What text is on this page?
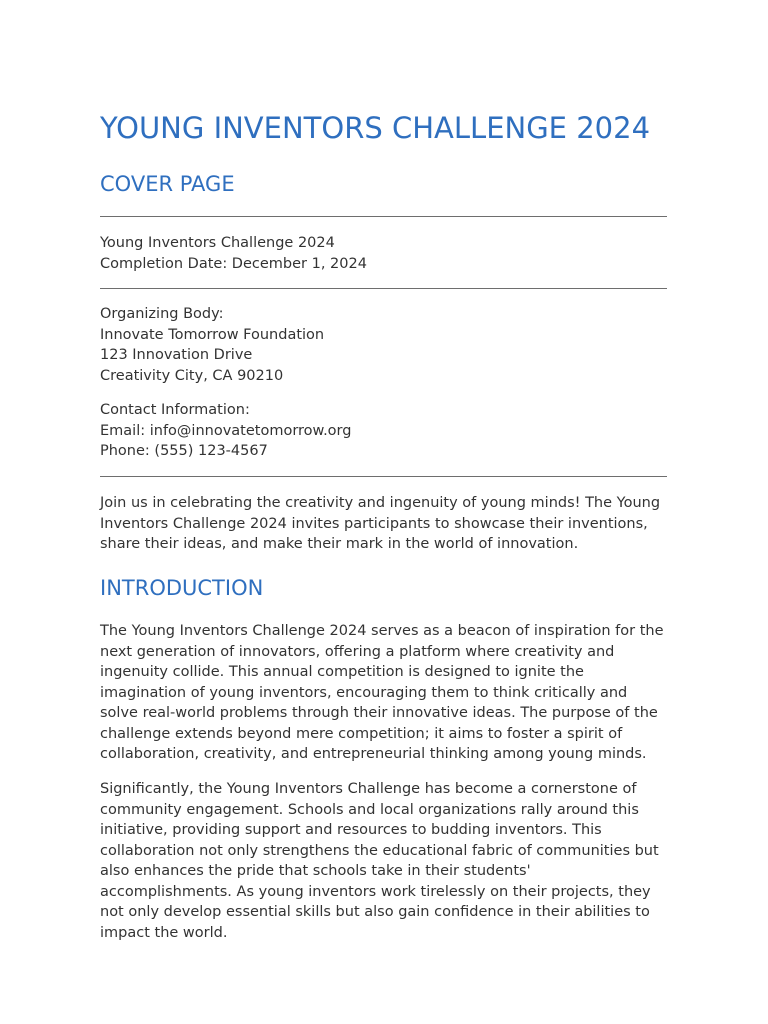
YOUNG INVENTORS CHALLENGE 2024
COVER PAGE
Young Inventors Challenge 2024
Completion Date: December 1, 2024
Organizing Body:
Innovate Tomorrow Foundation
123 Innovation Drive
Creativity City, CA 90210
Contact Information:
Email: info@innovatetomorrow.org
Phone: (555) 123-4567

Join us in celebrating the creativity and ingenuity of young minds! The Young Inventors Challenge 2024 invites participants to showcase their inventions, share their ideas, and make their mark in the world of innovation.

INTRODUCTION

The Young Inventors Challenge 2024 serves as a beacon of inspiration for the next generation of innovators, offering a platform where creativity and ingenuity collide. This annual competition is designed to ignite the imagination of young inventors, encouraging them to think critically and solve real-world problems through their innovative ideas. The purpose of the challenge extends beyond mere competition; it aims to foster a spirit of collaboration, creativity, and entrepreneurial thinking among young minds.

Significantly, the Young Inventors Challenge has become a cornerstone of community engagement. Schools and local organizations rally around this initiative, providing support and resources to budding inventors. This collaboration not only strengthens the educational fabric of communities but also enhances the pride that schools take in their students' accomplishments. As young inventors work tirelessly on their projects, they not only develop essential skills but also gain confidence in their abilities to impact the world.
